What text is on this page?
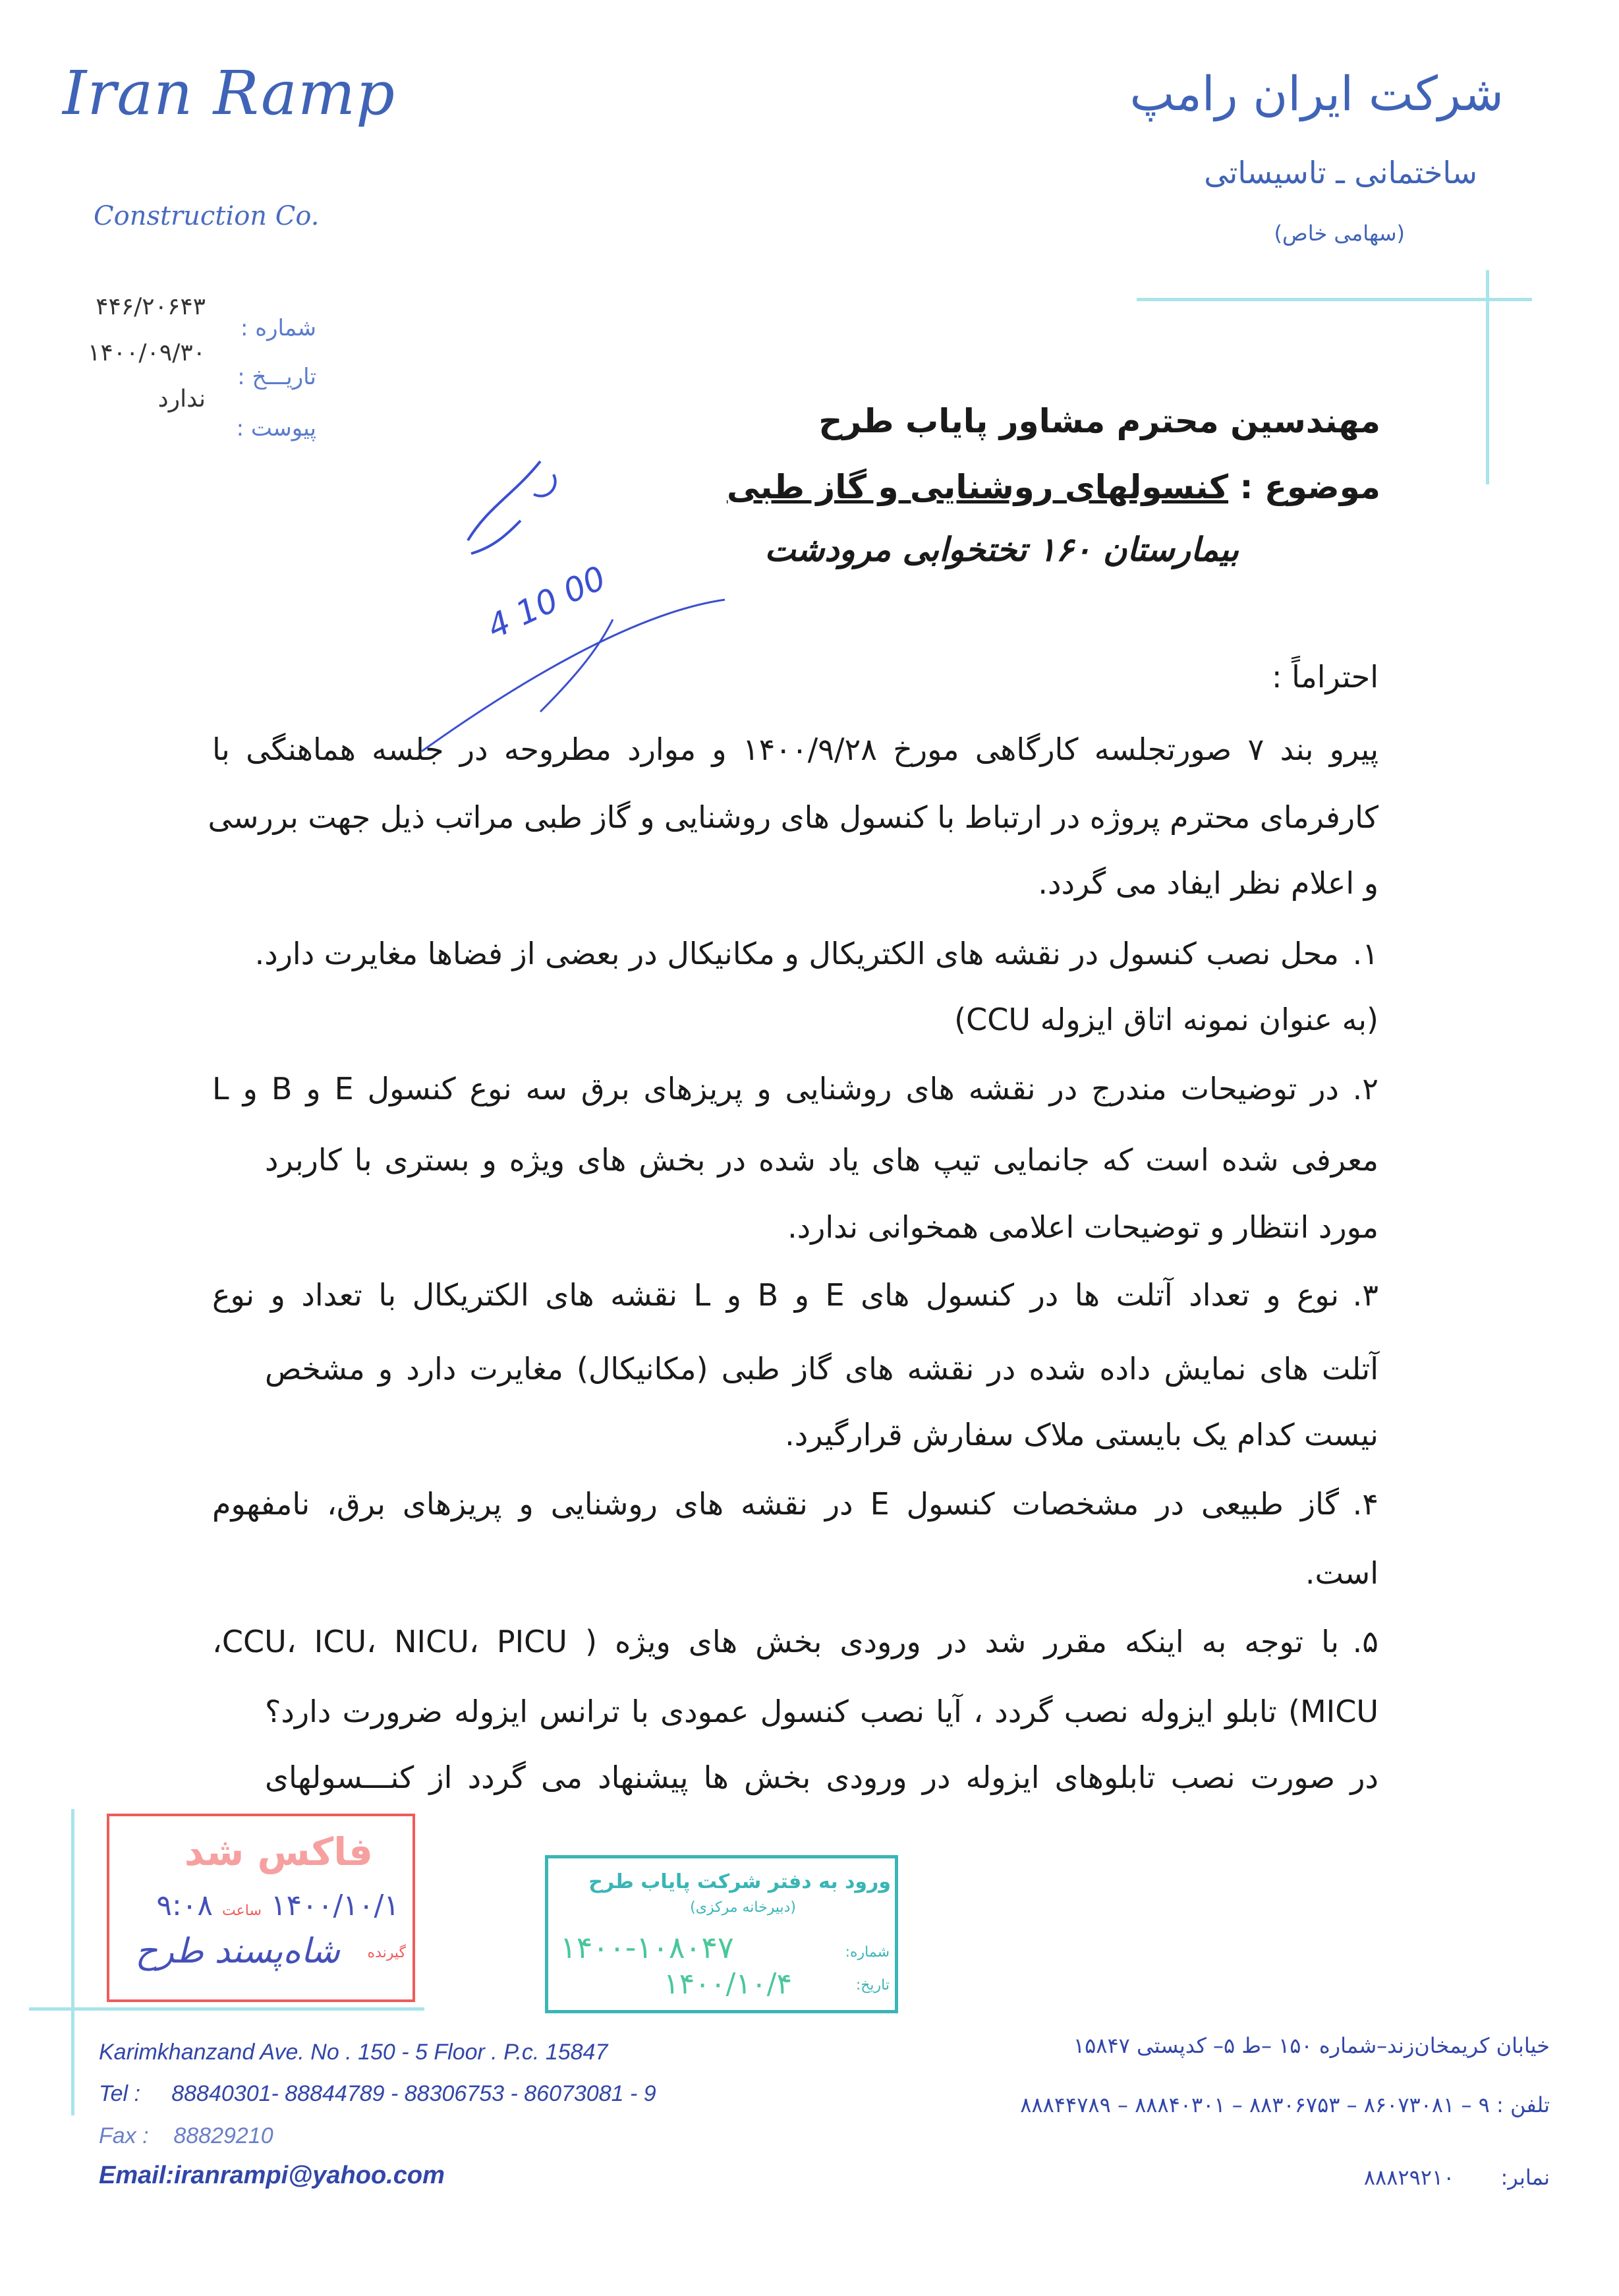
Iran Ramp
Construction Co.
شرکت ایران رامپ
ساختمانی ـ تاسیساتی
(سهامی خاص)
شماره :
تاریـــخ :
پیوست :
۴۴۶/۲۰۶۴۳
۱۴۰۰/۰۹/۳۰
ندارد
مهندسین محترم مشاور پایاب طرح
موضوع : کنسولهای روشنایی و گاز طبی
بیمارستان ۱۶۰ تختخوابی مرودشت
احتراماً :
4 10 00
پیرو بند ۷ صورتجلسه کارگاهی مورخ ۱۴۰۰/۹/۲۸ و موارد مطروحه در جلسه هماهنگی با
کارفرمای محترم پروژه در ارتباط با کنسول های روشنایی و گاز طبی مراتب ذیل جهت بررسی
و اعلام نظر ایفاد می گردد.
۱.محل نصب کنسول در نقشه های الکتریکال و مکانیکال در بعضی از فضاها مغایرت دارد.
(به عنوان نمونه اتاق ایزوله CCU)
۲.در توضیحات مندرج در نقشه های روشنایی و پریزهای برق سه نوع کنسول E و B و L
معرفی شده است که جانمایی تیپ های یاد شده در بخش های ویژه و بستری با کاربرد
مورد انتظار و توضیحات اعلامی همخوانی ندارد.
۳.نوع و تعداد آتلت ها در کنسول های E و B و L نقشه های الکتریکال با تعداد و نوع
آتلت های نمایش داده شده در نقشه های گاز طبی (مکانیکال) مغایرت دارد و مشخص
نیست کدام یک بایستی ملاک سفارش قرارگیرد.
۴.گاز طبیعی در مشخصات کنسول E در نقشه های روشنایی و پریزهای برق، نامفهوم
است.
۵.با توجه به اینکه مقرر شد در ورودی بخش های ویژه ( CCU، ICU، NICU، PICU،
MICU) تابلو ایزوله نصب گردد ، آیا نصب کنسول عمودی با ترانس ایزوله ضرورت دارد؟
در صورت نصب تابلوهای ایزوله در ورودی بخش ها پیشنهاد می گردد از کنـــسولهای
فاکس شد
۱۴۰۰/۱۰/۱ ساعت ۹:۰۸
گیرنده
شاه‌پسند طرح
ورود به دفتر شرکت پایاب طرح
(دبیرخانه مرکزی)
شماره:
۱۴۰۰-۱۰۸۰۴۷
تاریخ:
۱۴۰۰/۱۰/۴
Karimkhanzand Ave. No . 150 - 5 Floor . P.c. 15847
Tel :     88840301- 88844789 - 88306753 - 86073081 - 9
Fax :    88829210
Email:iranrampi@yahoo.com
خیابان کریمخان‌زند–شماره ۱۵۰ –ط ۵– کدپستی ۱۵۸۴۷
تلفن : ۹ – ۸۶۰۷۳۰۸۱ – ۸۸۳۰۶۷۵۳ – ۸۸۸۴۰۳۰۱ – ۸۸۸۴۴۷۸۹
نمابر: ۸۸۸۲۹۲۱۰
